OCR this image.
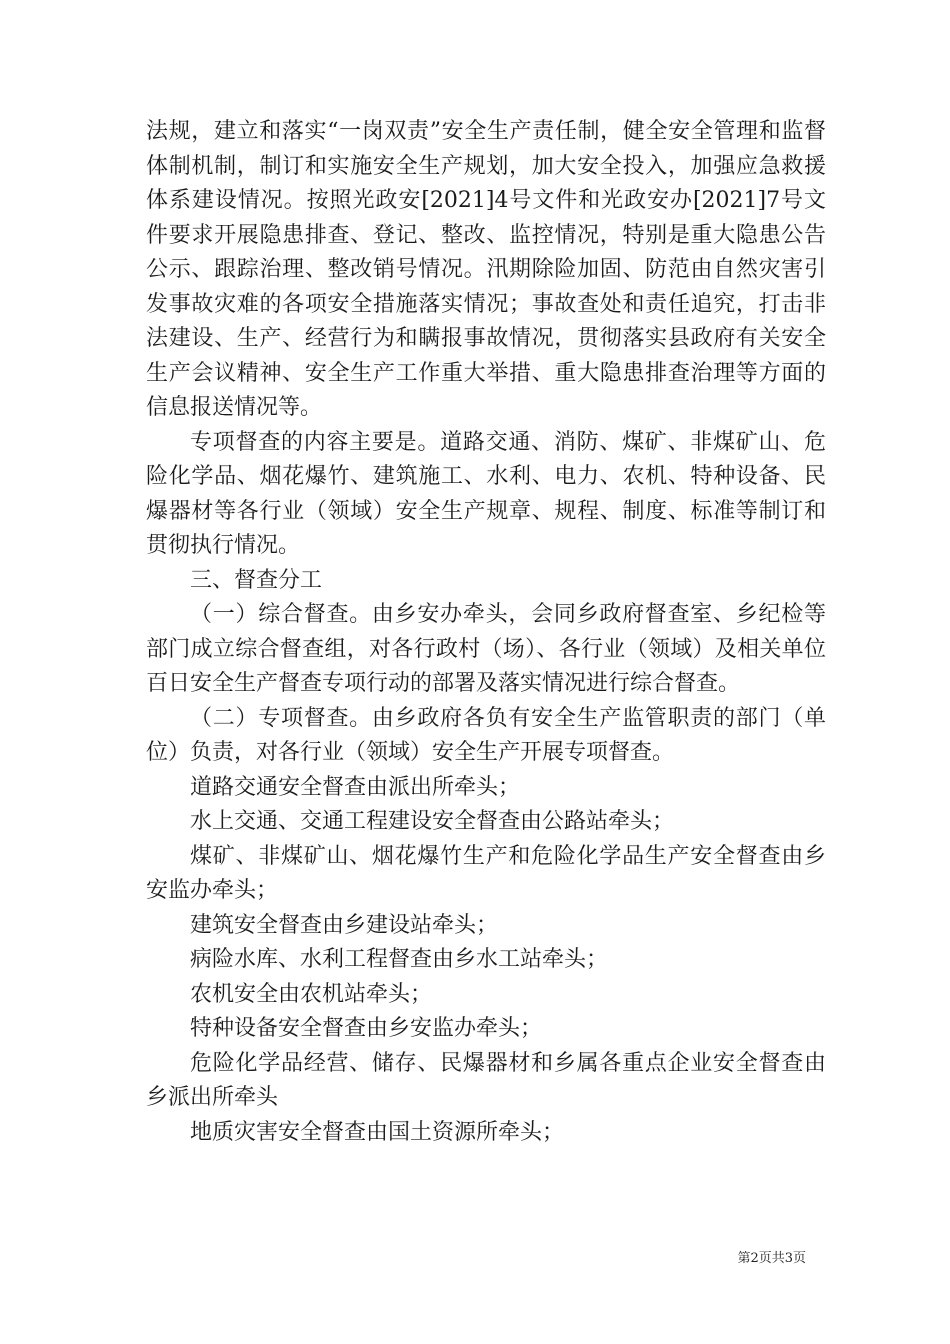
法规，建立和落实“一岗双责”安全生产责任制，健全安全管理和监督体制机制，制订和实施安全生产规划，加大安全投入，加强应急救援体系建设情况。按照光政安[2021]4号文件和光政安办[2021]7号文件要求开展隐患排查、登记、整改、监控情况，特别是重大隐患公告公示、跟踪治理、整改销号情况。汛期除险加固、防范由自然灾害引发事故灾难的各项安全措施落实情况；事故查处和责任追究，打击非法建设、生产、经营行为和瞒报事故情况，贯彻落实县政府有关安全生产会议精神、安全生产工作重大举措、重大隐患排查治理等方面的信息报送情况等。

专项督查的内容主要是。道路交通、消防、煤矿、非煤矿山、危险化学品、烟花爆竹、建筑施工、水利、电力、农机、特种设备、民爆器材等各行业（领域）安全生产规章、规程、制度、标准等制订和贯彻执行情况。

三、督查分工

（一）综合督查。由乡安办牵头，会同乡政府督查室、乡纪检等部门成立综合督查组，对各行政村（场）、各行业（领域）及相关单位百日安全生产督查专项行动的部署及落实情况进行综合督查。

（二）专项督查。由乡政府各负有安全生产监管职责的部门（单位）负责，对各行业（领域）安全生产开展专项督查。

道路交通安全督查由派出所牵头；

水上交通、交通工程建设安全督查由公路站牵头；

煤矿、非煤矿山、烟花爆竹生产和危险化学品生产安全督查由乡安监办牵头；

建筑安全督查由乡建设站牵头；

病险水库、水利工程督查由乡水工站牵头；

农机安全由农机站牵头；

特种设备安全督查由乡安监办牵头；

危险化学品经营、储存、民爆器材和乡属各重点企业安全督查由乡派出所牵头

地质灾害安全督查由国土资源所牵头；

第2页共3页
